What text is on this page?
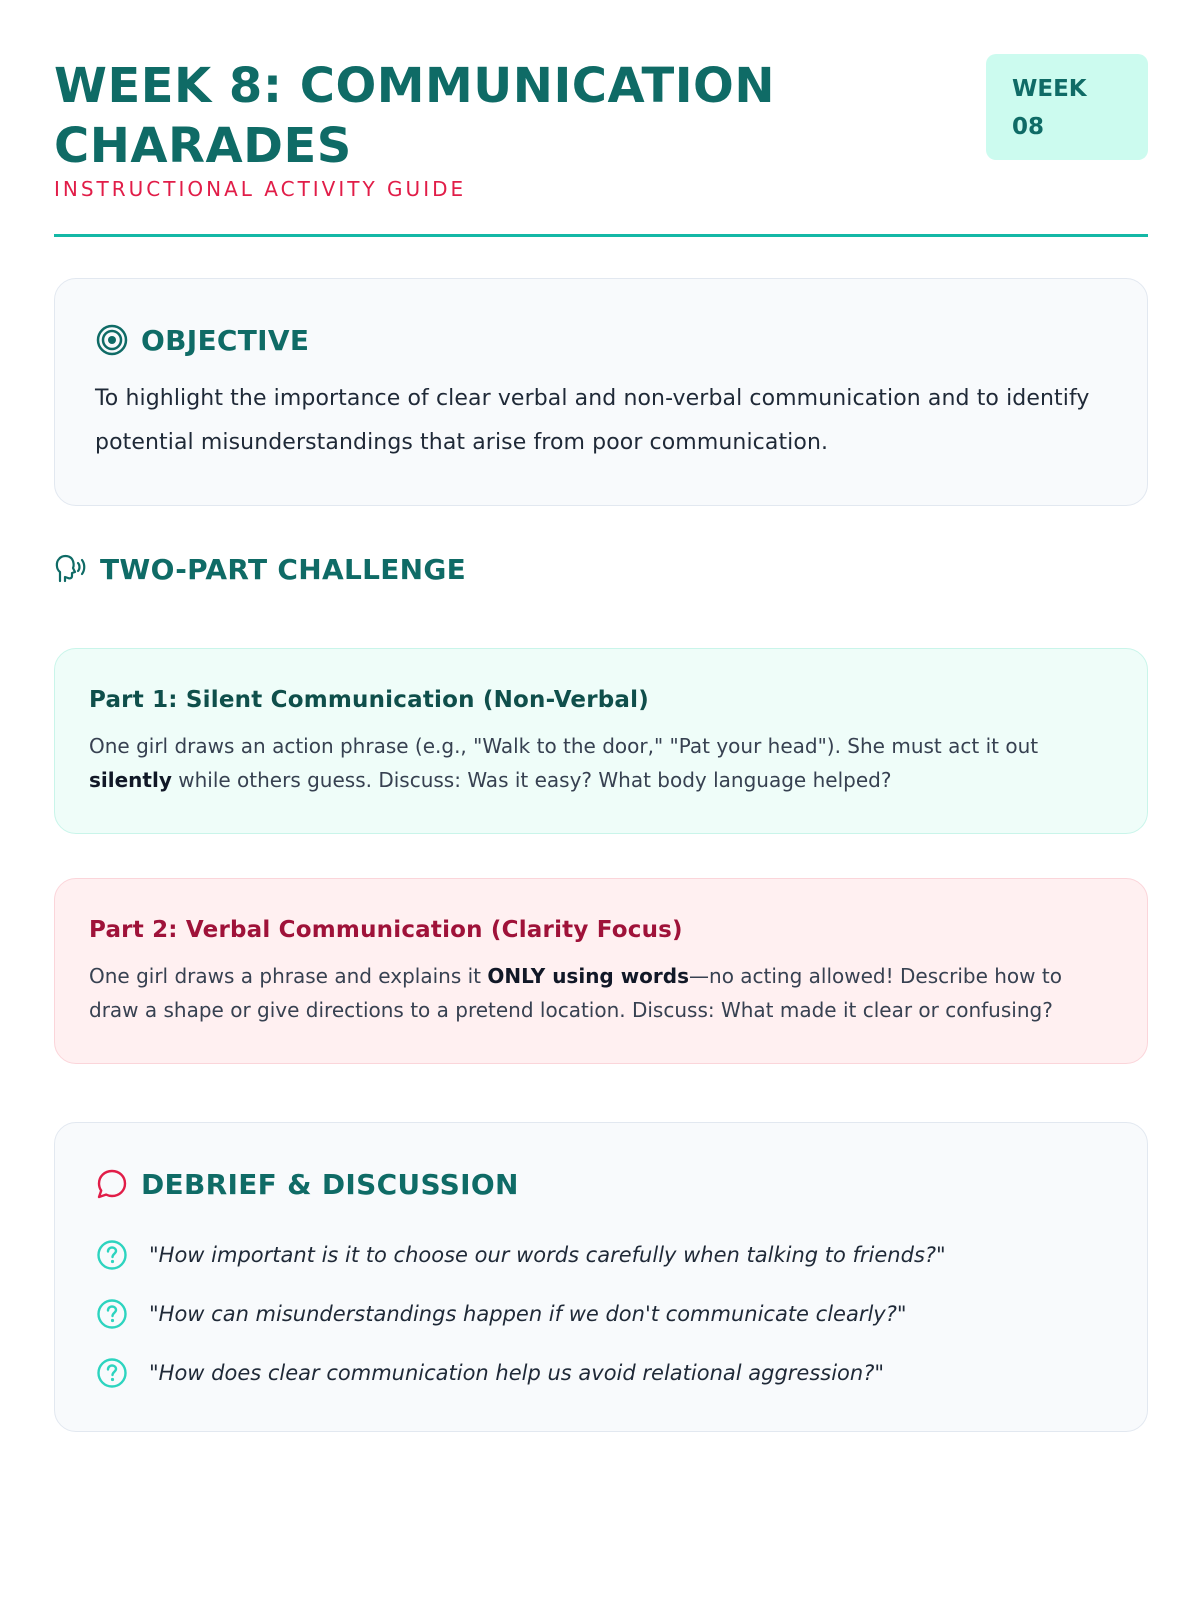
WEEK 8: COMMUNICATION
CHARADES
INSTRUCTIONAL ACTIVITY GUIDE
WEEK
08
OBJECTIVE
To highlight the importance of clear verbal and non-verbal communication and to identify potential misunderstandings that arise from poor communication.
TWO-PART CHALLENGE
Part 1: Silent Communication (Non-Verbal)
One girl draws an action phrase (e.g., "Walk to the door," "Pat your head"). She must act it out silently while others guess. Discuss: Was it easy? What body language helped?
Part 2: Verbal Communication (Clarity Focus)
One girl draws a phrase and explains it ONLY using words—no acting allowed! Describe how to draw a shape or give directions to a pretend location. Discuss: What made it clear or confusing?
DEBRIEF & DISCUSSION
"How important is it to choose our words carefully when talking to friends?"
"How can misunderstandings happen if we don't communicate clearly?"
"How does clear communication help us avoid relational aggression?"
